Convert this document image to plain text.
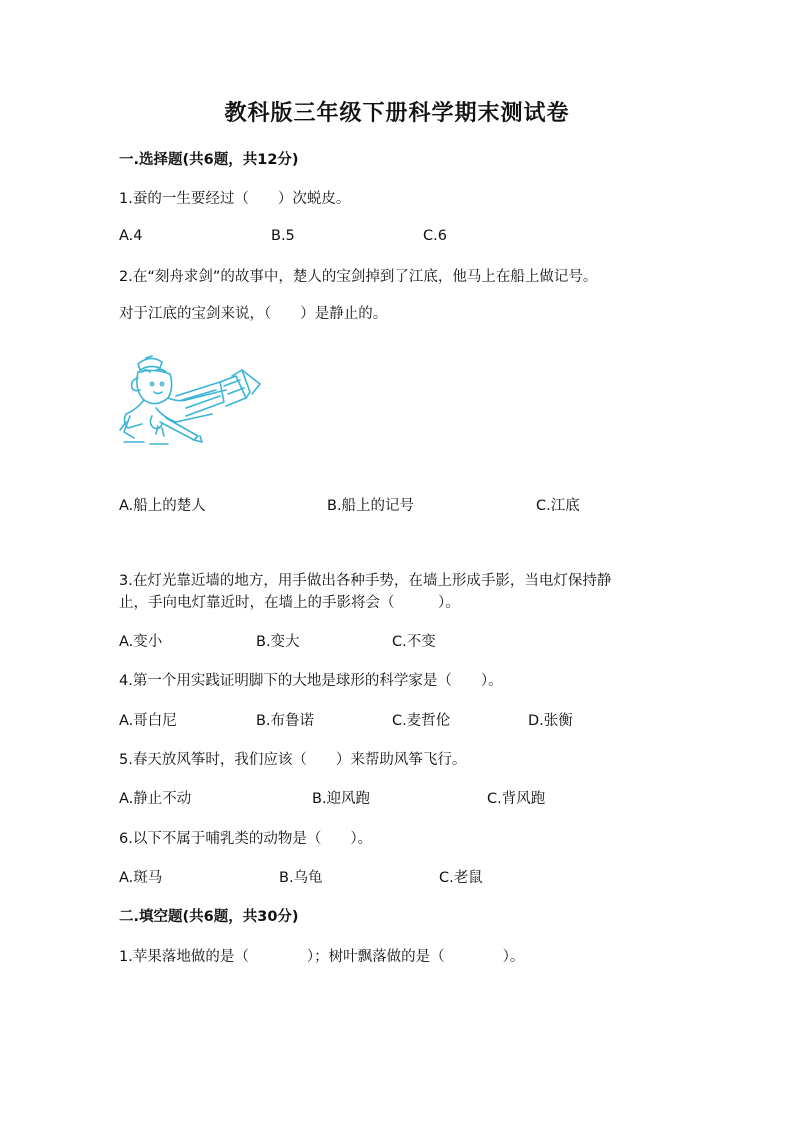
教科版三年级下册科学期末测试卷
一.选择题(共6题，共12分)
1.蚕的一生要经过（　　）次蜕皮。
A.4	B.5	C.6
2.在“刻舟求剑”的故事中，楚人的宝剑掉到了江底，他马上在船上做记号。
对于江底的宝剑来说，（　　）是静止的。
A.船上的楚人	B.船上的记号	C.江底
3.在灯光靠近墙的地方，用手做出各种手势，在墙上形成手影，当电灯保持静
止，手向电灯靠近时，在墙上的手影将会（　　　）。
A.变小	B.变大	C.不变
4.第一个用实践证明脚下的大地是球形的科学家是（　　）。
A.哥白尼	B.布鲁诺	C.麦哲伦	D.张衡
5.春天放风筝时，我们应该（　　）来帮助风筝飞行。
A.静止不动	B.迎风跑	C.背风跑
6.以下不属于哺乳类的动物是（　　）。
A.斑马	B.乌龟	C.老鼠
二.填空题(共6题，共30分)
1.苹果落地做的是（　　　　）；树叶飘落做的是（　　　　）。
